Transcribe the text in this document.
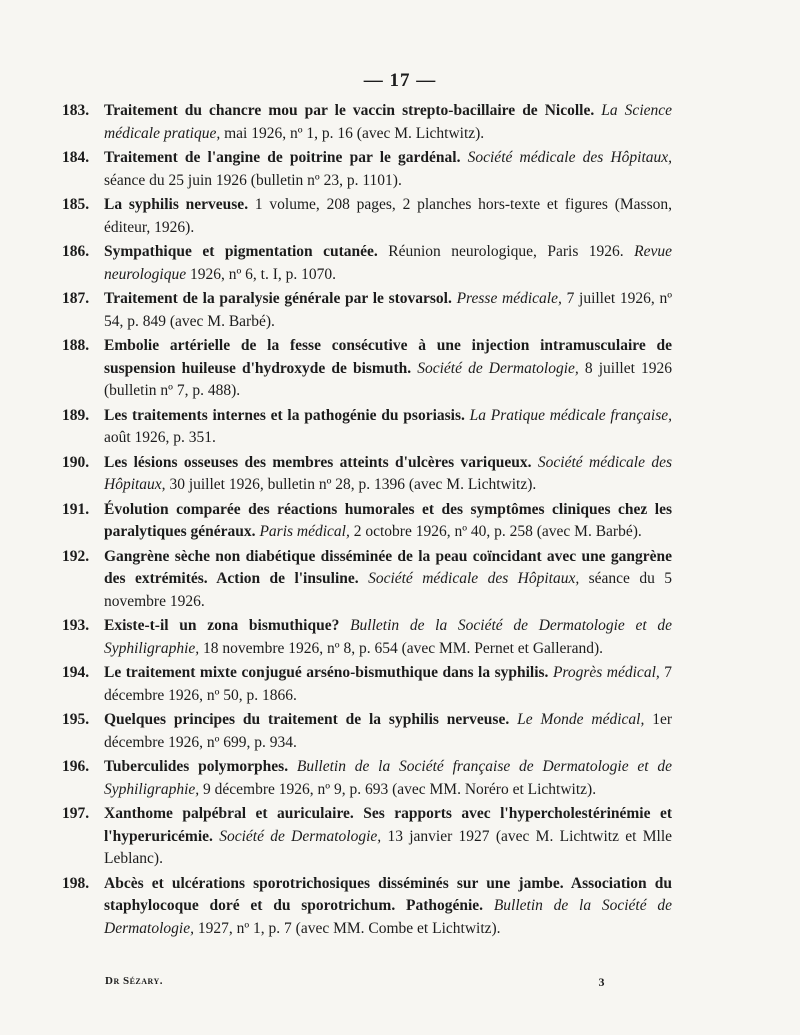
— 17 —
183. Traitement du chancre mou par le vaccin strepto-bacillaire de Nicolle. La Science médicale pratique, mai 1926, nº 1, p. 16 (avec M. Lichtwitz).
184. Traitement de l'angine de poitrine par le gardénal. Société médicale des Hôpitaux, séance du 25 juin 1926 (bulletin nº 23, p. 1101).
185. La syphilis nerveuse. 1 volume, 208 pages, 2 planches hors-texte et figures (Masson, éditeur, 1926).
186. Sympathique et pigmentation cutanée. Réunion neurologique, Paris 1926. Revue neurologique 1926, nº 6, t. I, p. 1070.
187. Traitement de la paralysie générale par le stovarsol. Presse médicale, 7 juillet 1926, nº 54, p. 849 (avec M. Barbé).
188. Embolie artérielle de la fesse consécutive à une injection intramusculaire de suspension huileuse d'hydroxyde de bismuth. Société de Dermatologie, 8 juillet 1926 (bulletin nº 7, p. 488).
189. Les traitements internes et la pathogénie du psoriasis. La Pratique médicale française, août 1926, p. 351.
190. Les lésions osseuses des membres atteints d'ulcères variqueux. Société médicale des Hôpitaux, 30 juillet 1926, bulletin nº 28, p. 1396 (avec M. Lichtwitz).
191. Évolution comparée des réactions humorales et des symptômes cliniques chez les paralytiques généraux. Paris médical, 2 octobre 1926, nº 40, p. 258 (avec M. Barbé).
192. Gangrène sèche non diabétique disséminée de la peau coïncidant avec une gangrène des extrémités. Action de l'insuline. Société médicale des Hôpitaux, séance du 5 novembre 1926.
193. Existe-t-il un zona bismuthique? Bulletin de la Société de Dermatologie et de Syphiligraphie, 18 novembre 1926, nº 8, p. 654 (avec MM. Pernet et Gallerand).
194. Le traitement mixte conjugué arséno-bismuthique dans la syphilis. Progrès médical, 7 décembre 1926, nº 50, p. 1866.
195. Quelques principes du traitement de la syphilis nerveuse. Le Monde médical, 1er décembre 1926, nº 699, p. 934.
196. Tuberculides polymorphes. Bulletin de la Société française de Dermatologie et de Syphiligraphie, 9 décembre 1926, nº 9, p. 693 (avec MM. Noréro et Lichtwitz).
197. Xanthome palpébral et auriculaire. Ses rapports avec l'hypercholestérinémie et l'hyperuricémie. Société de Dermatologie, 13 janvier 1927 (avec M. Lichtwitz et Mlle Leblanc).
198. Abcès et ulcérations sporotrichosiques disséminés sur une jambe. Association du staphylocoque doré et du sporotrichum. Pathogénie. Bulletin de la Société de Dermatologie, 1927, nº 1, p. 7 (avec MM. Combe et Lichtwitz).
Dr Sézary.	3
